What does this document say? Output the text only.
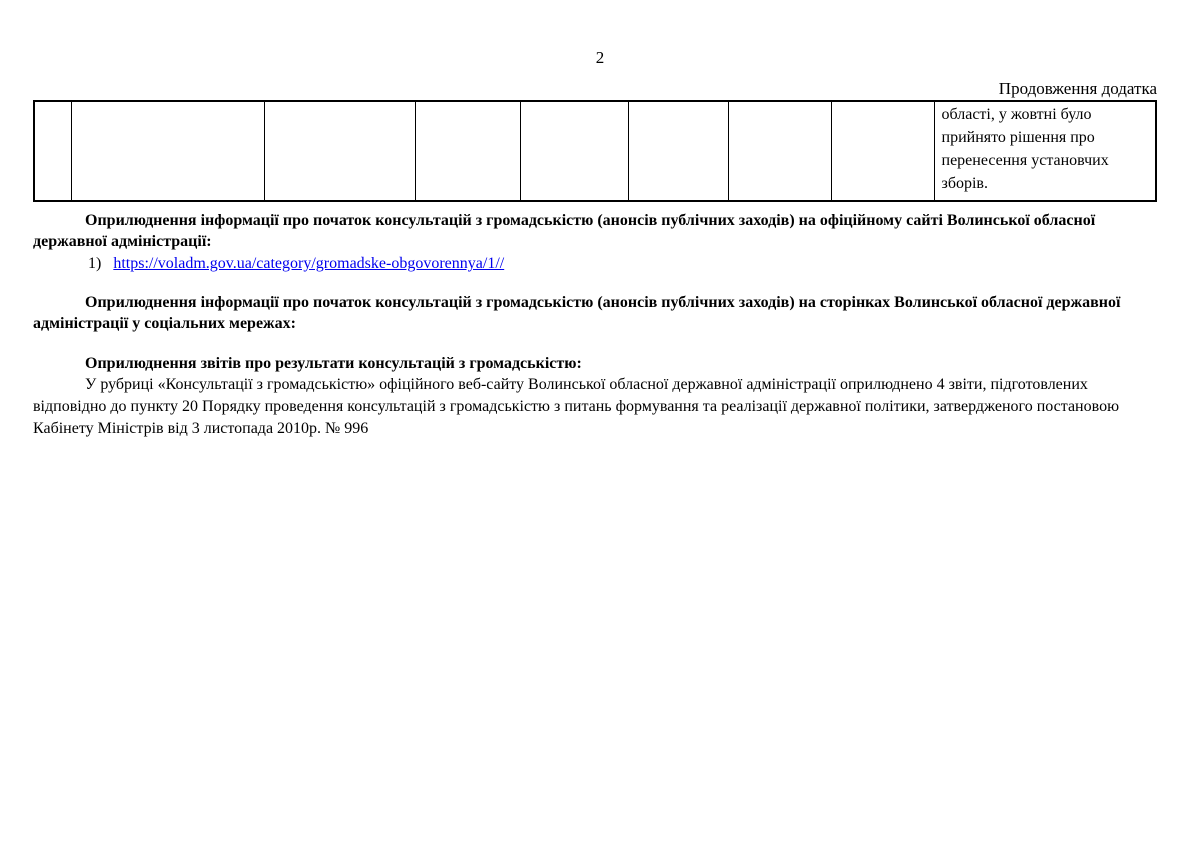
2
Продовження додатка
								області, у жовтні було прийнято рішення про перенесення установчих зборів.

Оприлюднення інформації про початок консультацій з громадськістю (анонсів публічних заходів) на офіційному сайті Волинської обласної державної адміністрації:

1) https://voladm.gov.ua/category/gromadske-obgovorennya/1//

Оприлюднення інформації про початок консультацій з громадськістю (анонсів публічних заходів) на сторінках Волинської обласної державної адміністрації у соціальних мережах:

Оприлюднення звітів про результати консультацій з громадськістю:

У рубриці «Консультації з громадськістю» офіційного веб-сайту Волинської обласної державної адміністрації оприлюднено 4 звіти, підготовлених відповідно до пункту 20 Порядку проведення консультацій з громадськістю з питань формування та реалізації державної політики, затвердженого постановою Кабінету Міністрів від 3 листопада 2010р. № 996
